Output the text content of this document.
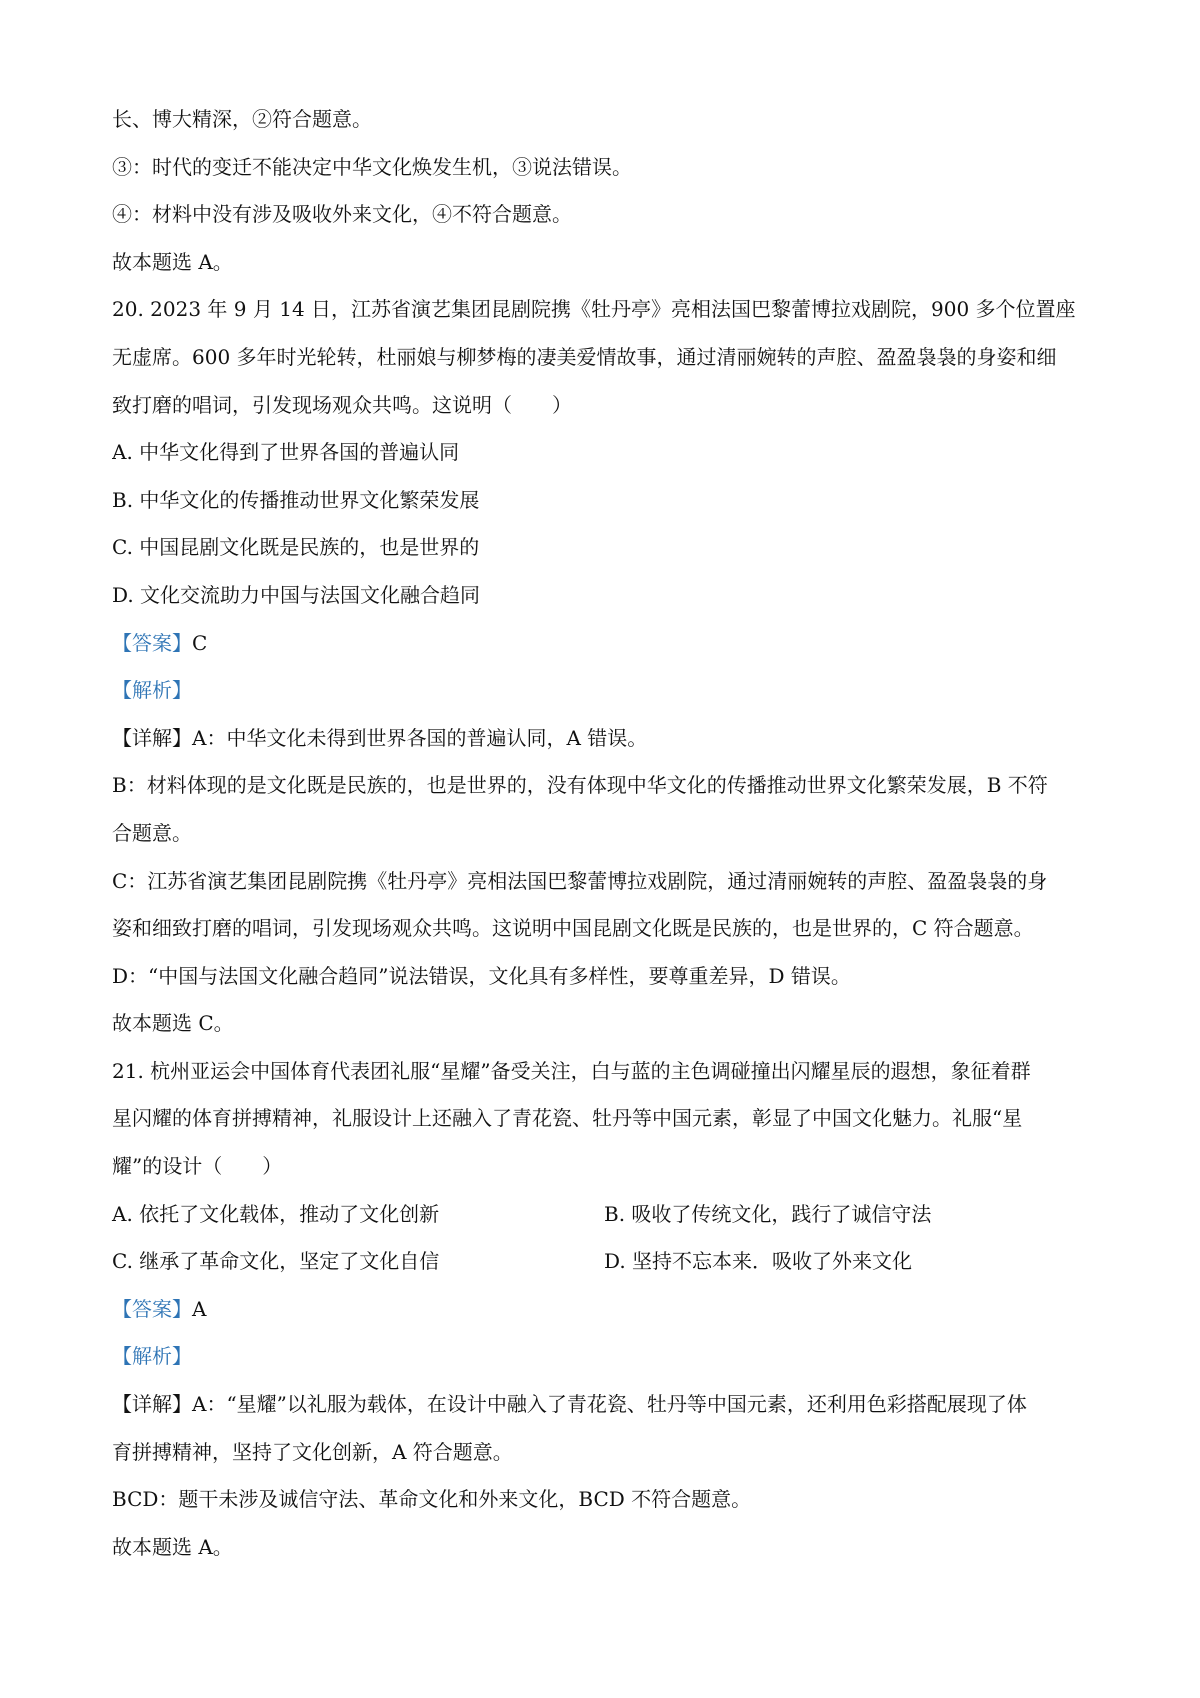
长、博大精深，②符合题意。
③：时代的变迁不能决定中华文化焕发生机，③说法错误。
④：材料中没有涉及吸收外来文化，④不符合题意。
故本题选 A。
20. 2023 年 9 月 14 日，江苏省演艺集团昆剧院携《牡丹亭》亮相法国巴黎蕾博拉戏剧院，900 多个位置座
无虚席。600 多年时光轮转，杜丽娘与柳梦梅的凄美爱情故事，通过清丽婉转的声腔、盈盈袅袅的身姿和细
致打磨的唱词，引发现场观众共鸣。这说明（　　）
A. 中华文化得到了世界各国的普遍认同
B. 中华文化的传播推动世界文化繁荣发展
C. 中国昆剧文化既是民族的，也是世界的
D. 文化交流助力中国与法国文化融合趋同
【答案】C
【解析】
【详解】A：中华文化未得到世界各国的普遍认同，A 错误。
B：材料体现的是文化既是民族的，也是世界的，没有体现中华文化的传播推动世界文化繁荣发展，B 不符
合题意。
C：江苏省演艺集团昆剧院携《牡丹亭》亮相法国巴黎蕾博拉戏剧院，通过清丽婉转的声腔、盈盈袅袅的身
姿和细致打磨的唱词，引发现场观众共鸣。这说明中国昆剧文化既是民族的，也是世界的，C 符合题意。
D：“中国与法国文化融合趋同”说法错误，文化具有多样性，要尊重差异，D 错误。
故本题选 C。
21. 杭州亚运会中国体育代表团礼服“星耀”备受关注，白与蓝的主色调碰撞出闪耀星辰的遐想，象征着群
星闪耀的体育拼搏精神，礼服设计上还融入了青花瓷、牡丹等中国元素，彰显了中国文化魅力。礼服“星
耀”的设计（　　）
A. 依托了文化载体，推动了文化创新	B. 吸收了传统文化，践行了诚信守法
C. 继承了革命文化，坚定了文化自信	D. 坚持不忘本来．吸收了外来文化
【答案】A
【解析】
【详解】A：“星耀”以礼服为载体，在设计中融入了青花瓷、牡丹等中国元素，还利用色彩搭配展现了体
育拼搏精神，坚持了文化创新，A 符合题意。
BCD：题干未涉及诚信守法、革命文化和外来文化，BCD 不符合题意。
故本题选 A。
